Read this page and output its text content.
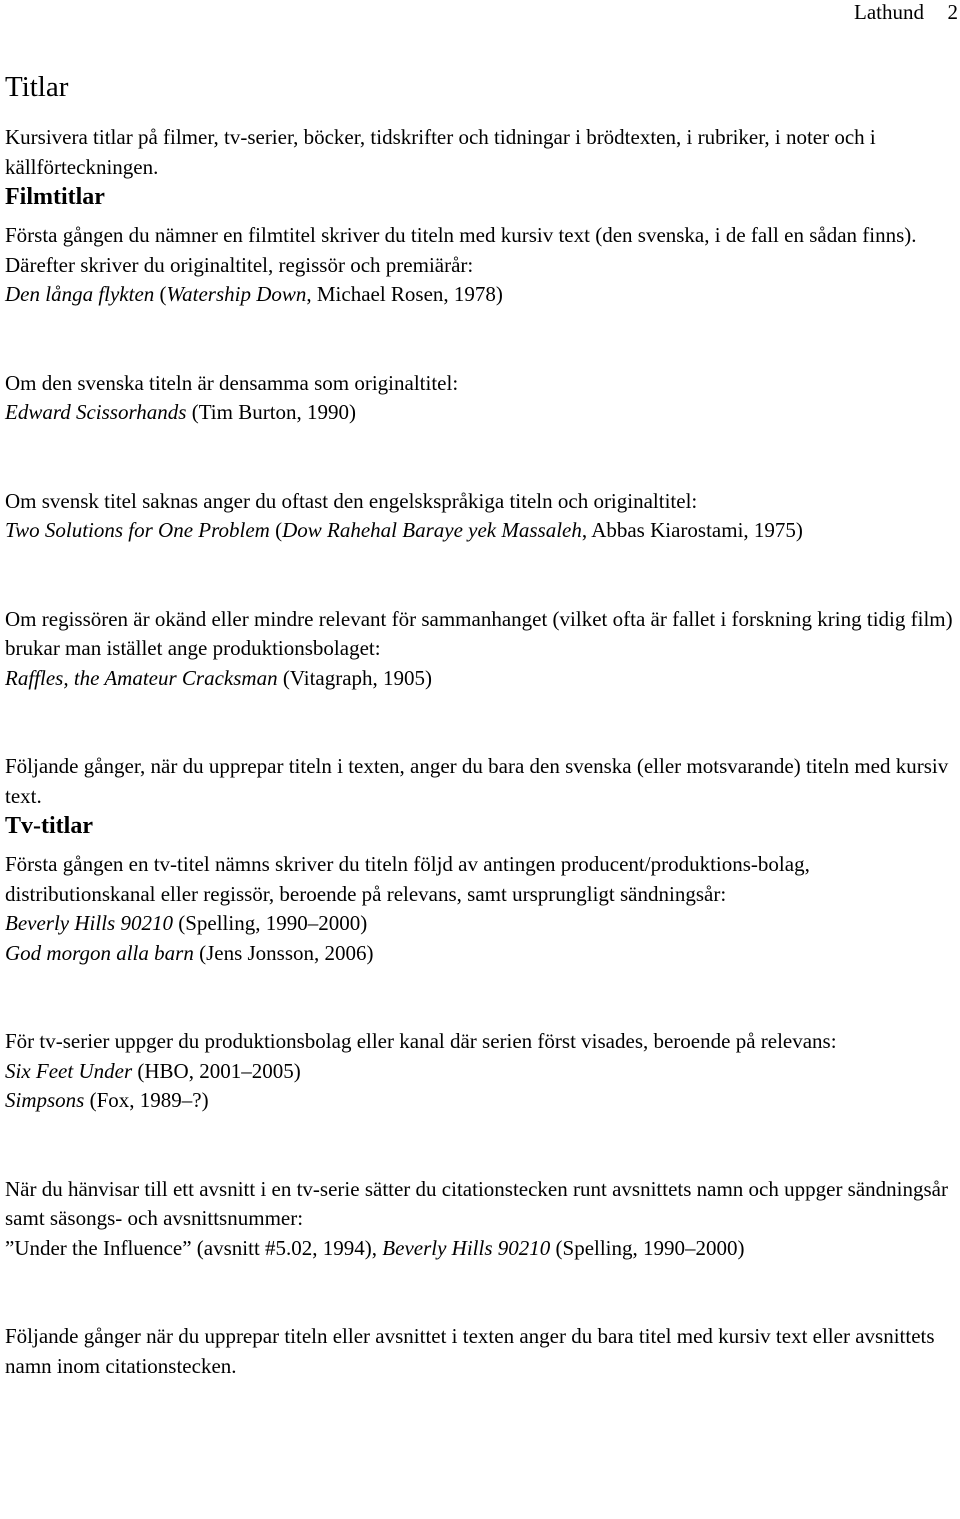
Lathund 2
Titlar

Kursivera titlar på filmer, tv-serier, böcker, tidskrifter och tidningar i brödtexten, i rubriker, i noter och i källförteckningen.

Filmtitlar

Första gången du nämner en filmtitel skriver du titeln med kursiv text (den svenska, i de fall en sådan finns). Därefter skriver du originaltitel, regissör och premiärår:
Den långa flykten (Watership Down, Michael Rosen, 1978)

Om den svenska titeln är densamma som originaltitel:
Edward Scissorhands (Tim Burton, 1990)

Om svensk titel saknas anger du oftast den engelskspråkiga titeln och originaltitel:
Two Solutions for One Problem (Dow Rahehal Baraye yek Massaleh, Abbas Kiarostami, 1975)

Om regissören är okänd eller mindre relevant för sammanhanget (vilket ofta är fallet i forskning kring tidig film) brukar man istället ange produktionsbolaget:
Raffles, the Amateur Cracksman (Vitagraph, 1905)

Följande gånger, när du upprepar titeln i texten, anger du bara den svenska (eller motsvarande) titeln med kursiv text.

Tv-titlar

Första gången en tv-titel nämns skriver du titeln följd av antingen producent/produktions-bolag, distributionskanal eller regissör, beroende på relevans, samt ursprungligt sändningsår:
Beverly Hills 90210 (Spelling, 1990–2000)
God morgon alla barn (Jens Jonsson, 2006)

För tv-serier uppger du produktionsbolag eller kanal där serien först visades, beroende på relevans:
Six Feet Under (HBO, 2001–2005)
Simpsons (Fox, 1989–?)

När du hänvisar till ett avsnitt i en tv-serie sätter du citationstecken runt avsnittets namn och uppger sändningsår samt säsongs- och avsnittsnummer:
”Under the Influence” (avsnitt #5.02, 1994), Beverly Hills 90210 (Spelling, 1990–2000)

Följande gånger när du upprepar titeln eller avsnittet i texten anger du bara titel med kursiv text eller avsnittets namn inom citationstecken.
